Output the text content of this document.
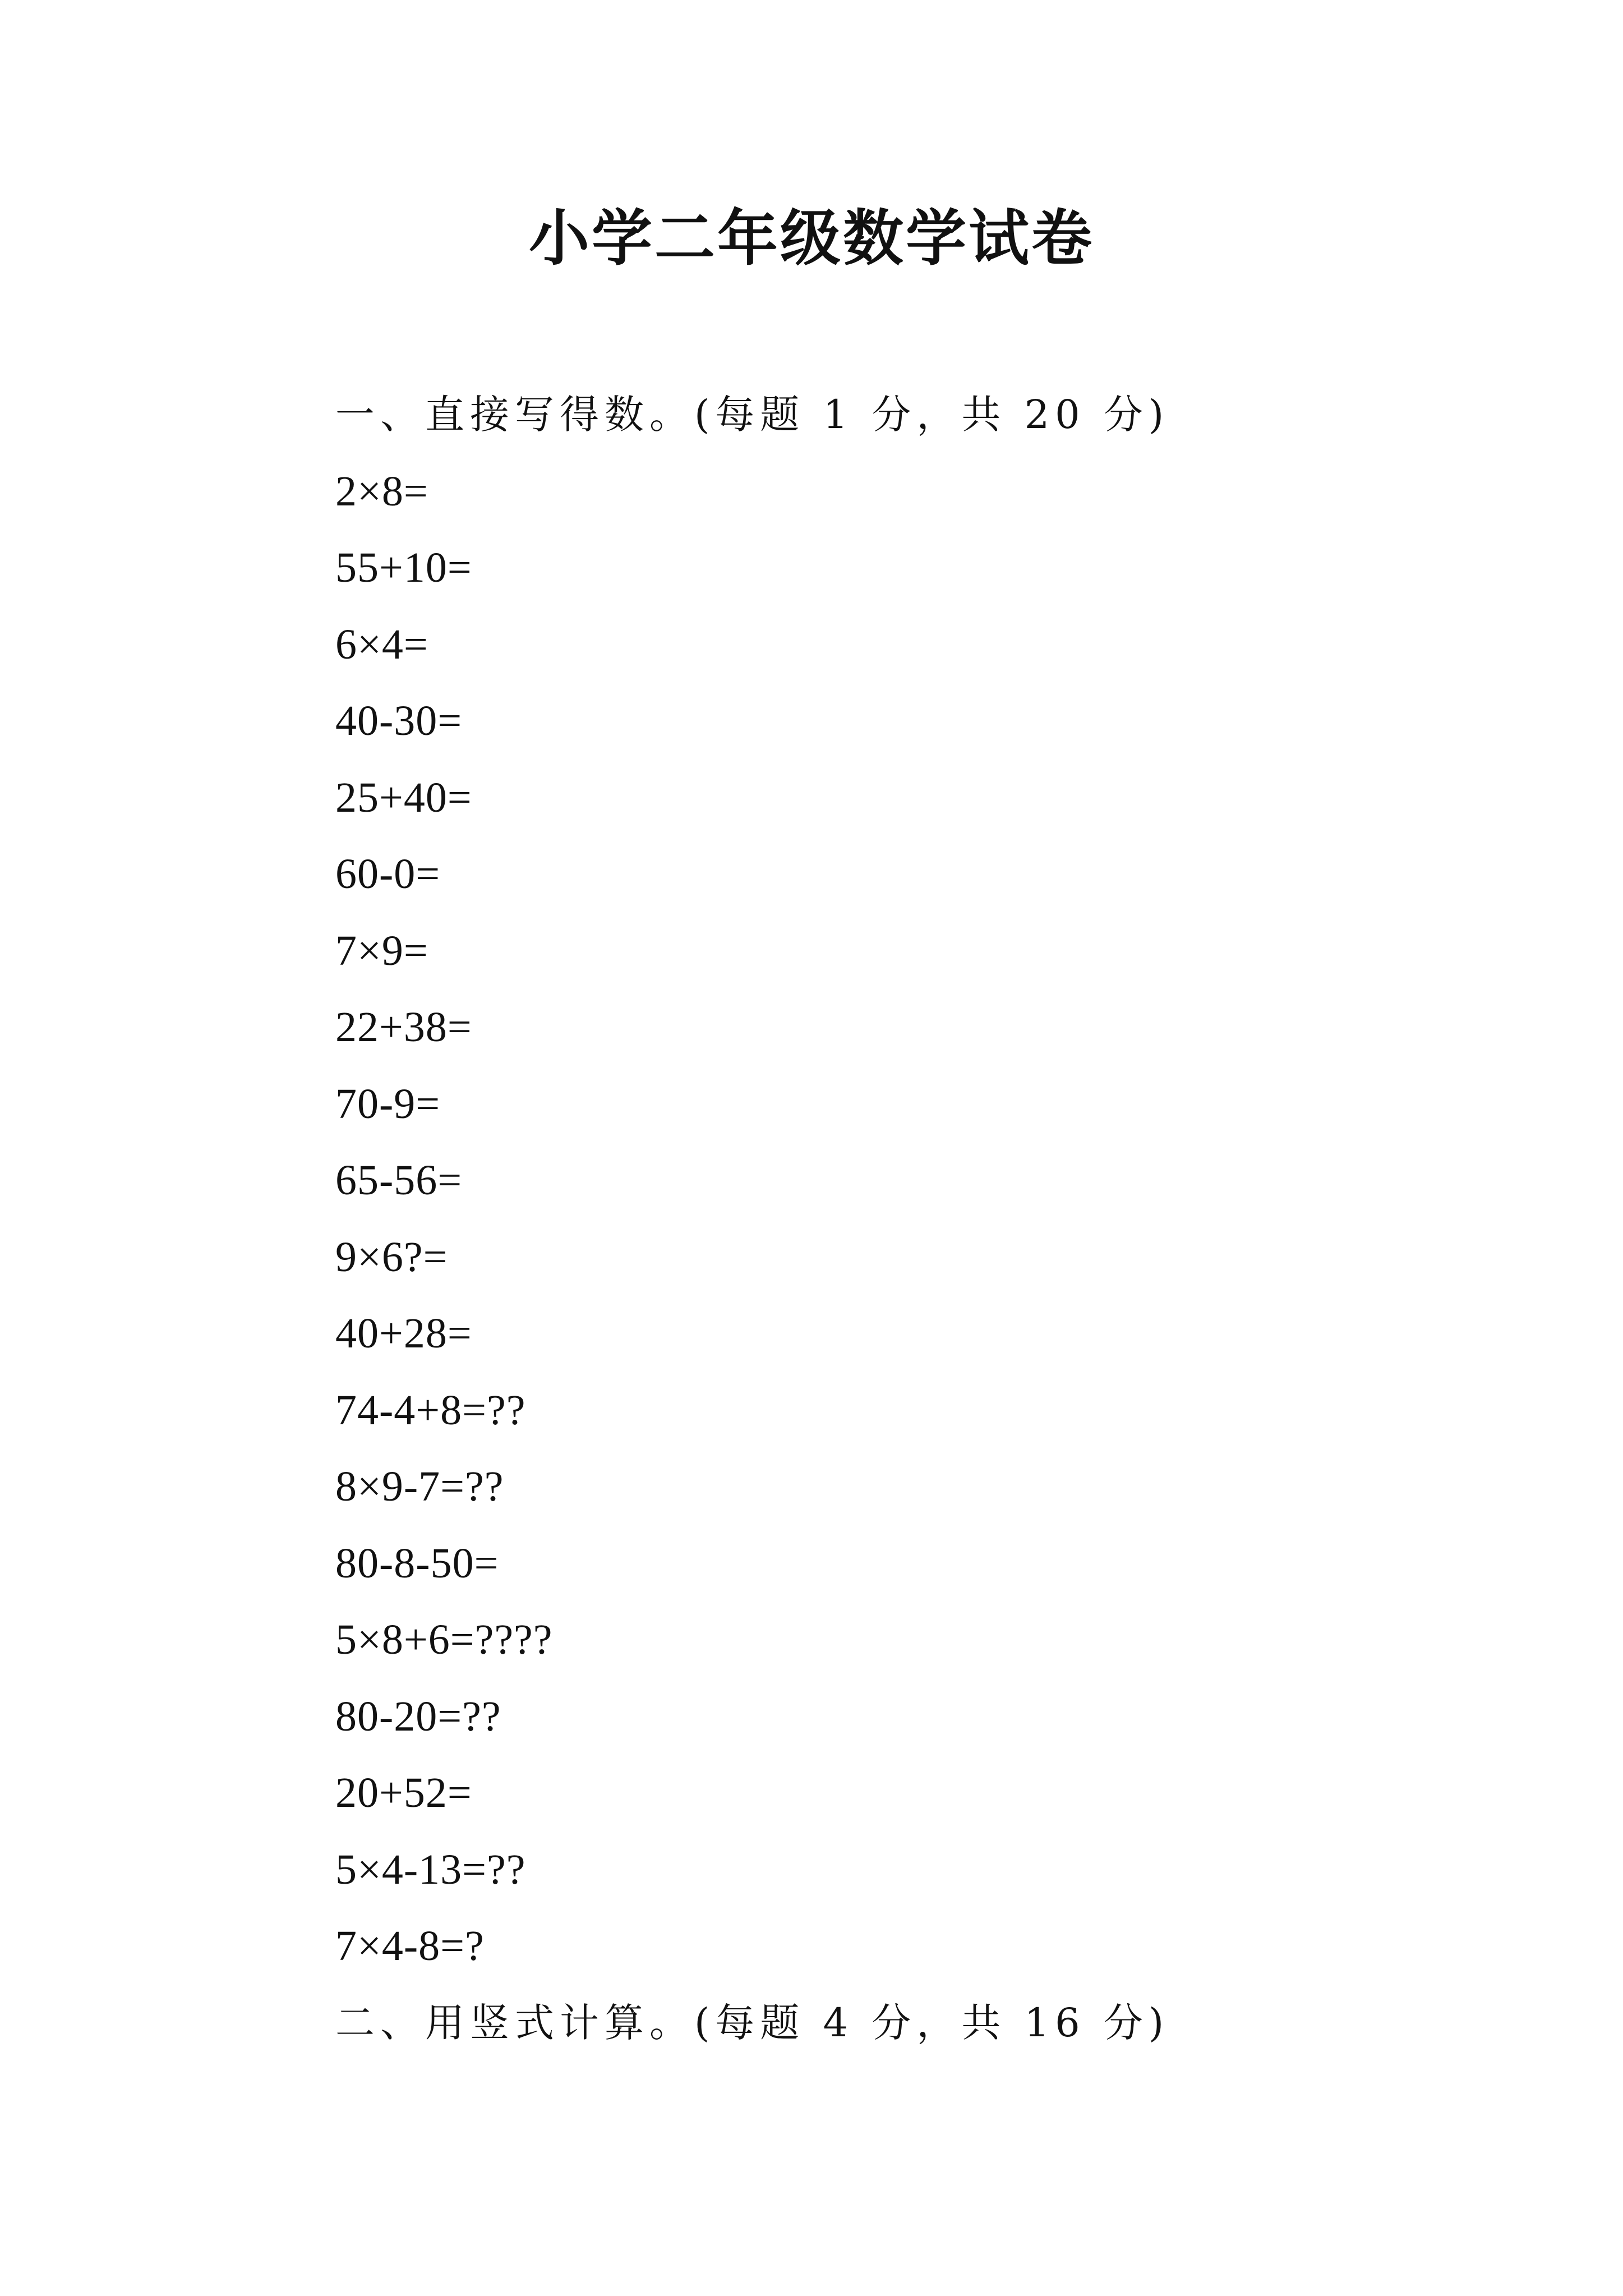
小学二年级数学试卷
一、直接写得数。(每题 1 分，共 20 分)
2×8=
55+10=
6×4=
40-30=
25+40=
60-0=
7×9=
22+38=
70-9=
65-56=
9×6?=
40+28=
74-4+8=??
8×9-7=??
80-8-50=
5×8+6=????
80-20=??
20+52=
5×4-13=??
7×4-8=?
二、用竖式计算。(每题 4 分，共 16 分)
